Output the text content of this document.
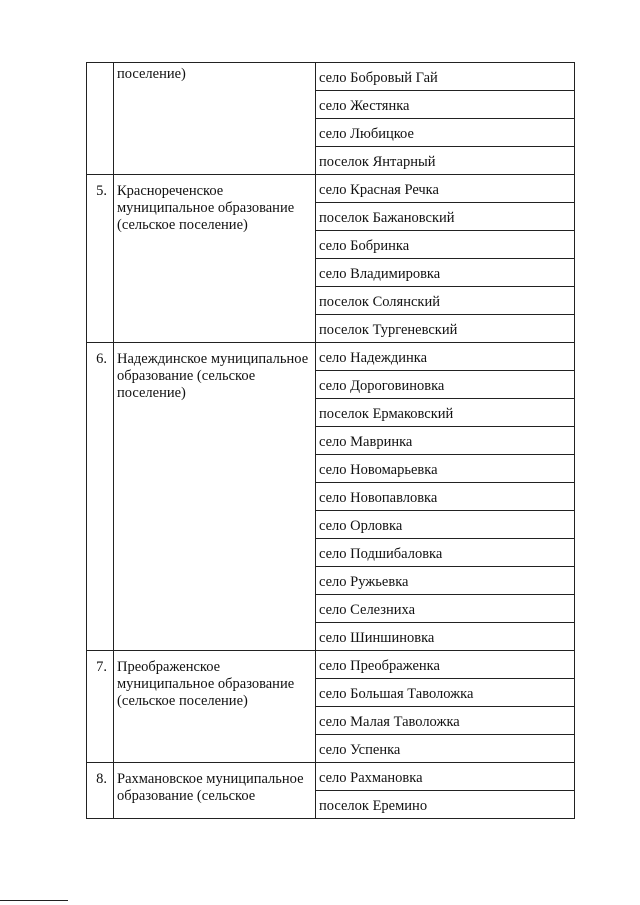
	поселение)	село Бобровый Гай
		село Жестянка
		село Любицкое
		поселок Янтарный
5.	Краснореченское муниципальное образование (сельское поселение)	село Красная Речка
		поселок Бажановский
		село Бобринка
		село Владимировка
		поселок Солянский
		поселок Тургеневский
6.	Надеждинское муниципальное образование (сельское поселение)	село Надеждинка
		село Дороговиновка
		поселок Ермаковский
		село Мавринка
		село Новомарьевка
		село Новопавловка
		село Орловка
		село Подшибаловка
		село Ружьевка
		село Селезниха
		село Шиншиновка
7.	Преображенское муниципальное образование (сельское поселение)	село Преображенка
		село Большая Таволожка
		село Малая Таволожка
		село Успенка
8.	Рахмановское муниципальное образование (сельское	село Рахмановка
		поселок Еремино
